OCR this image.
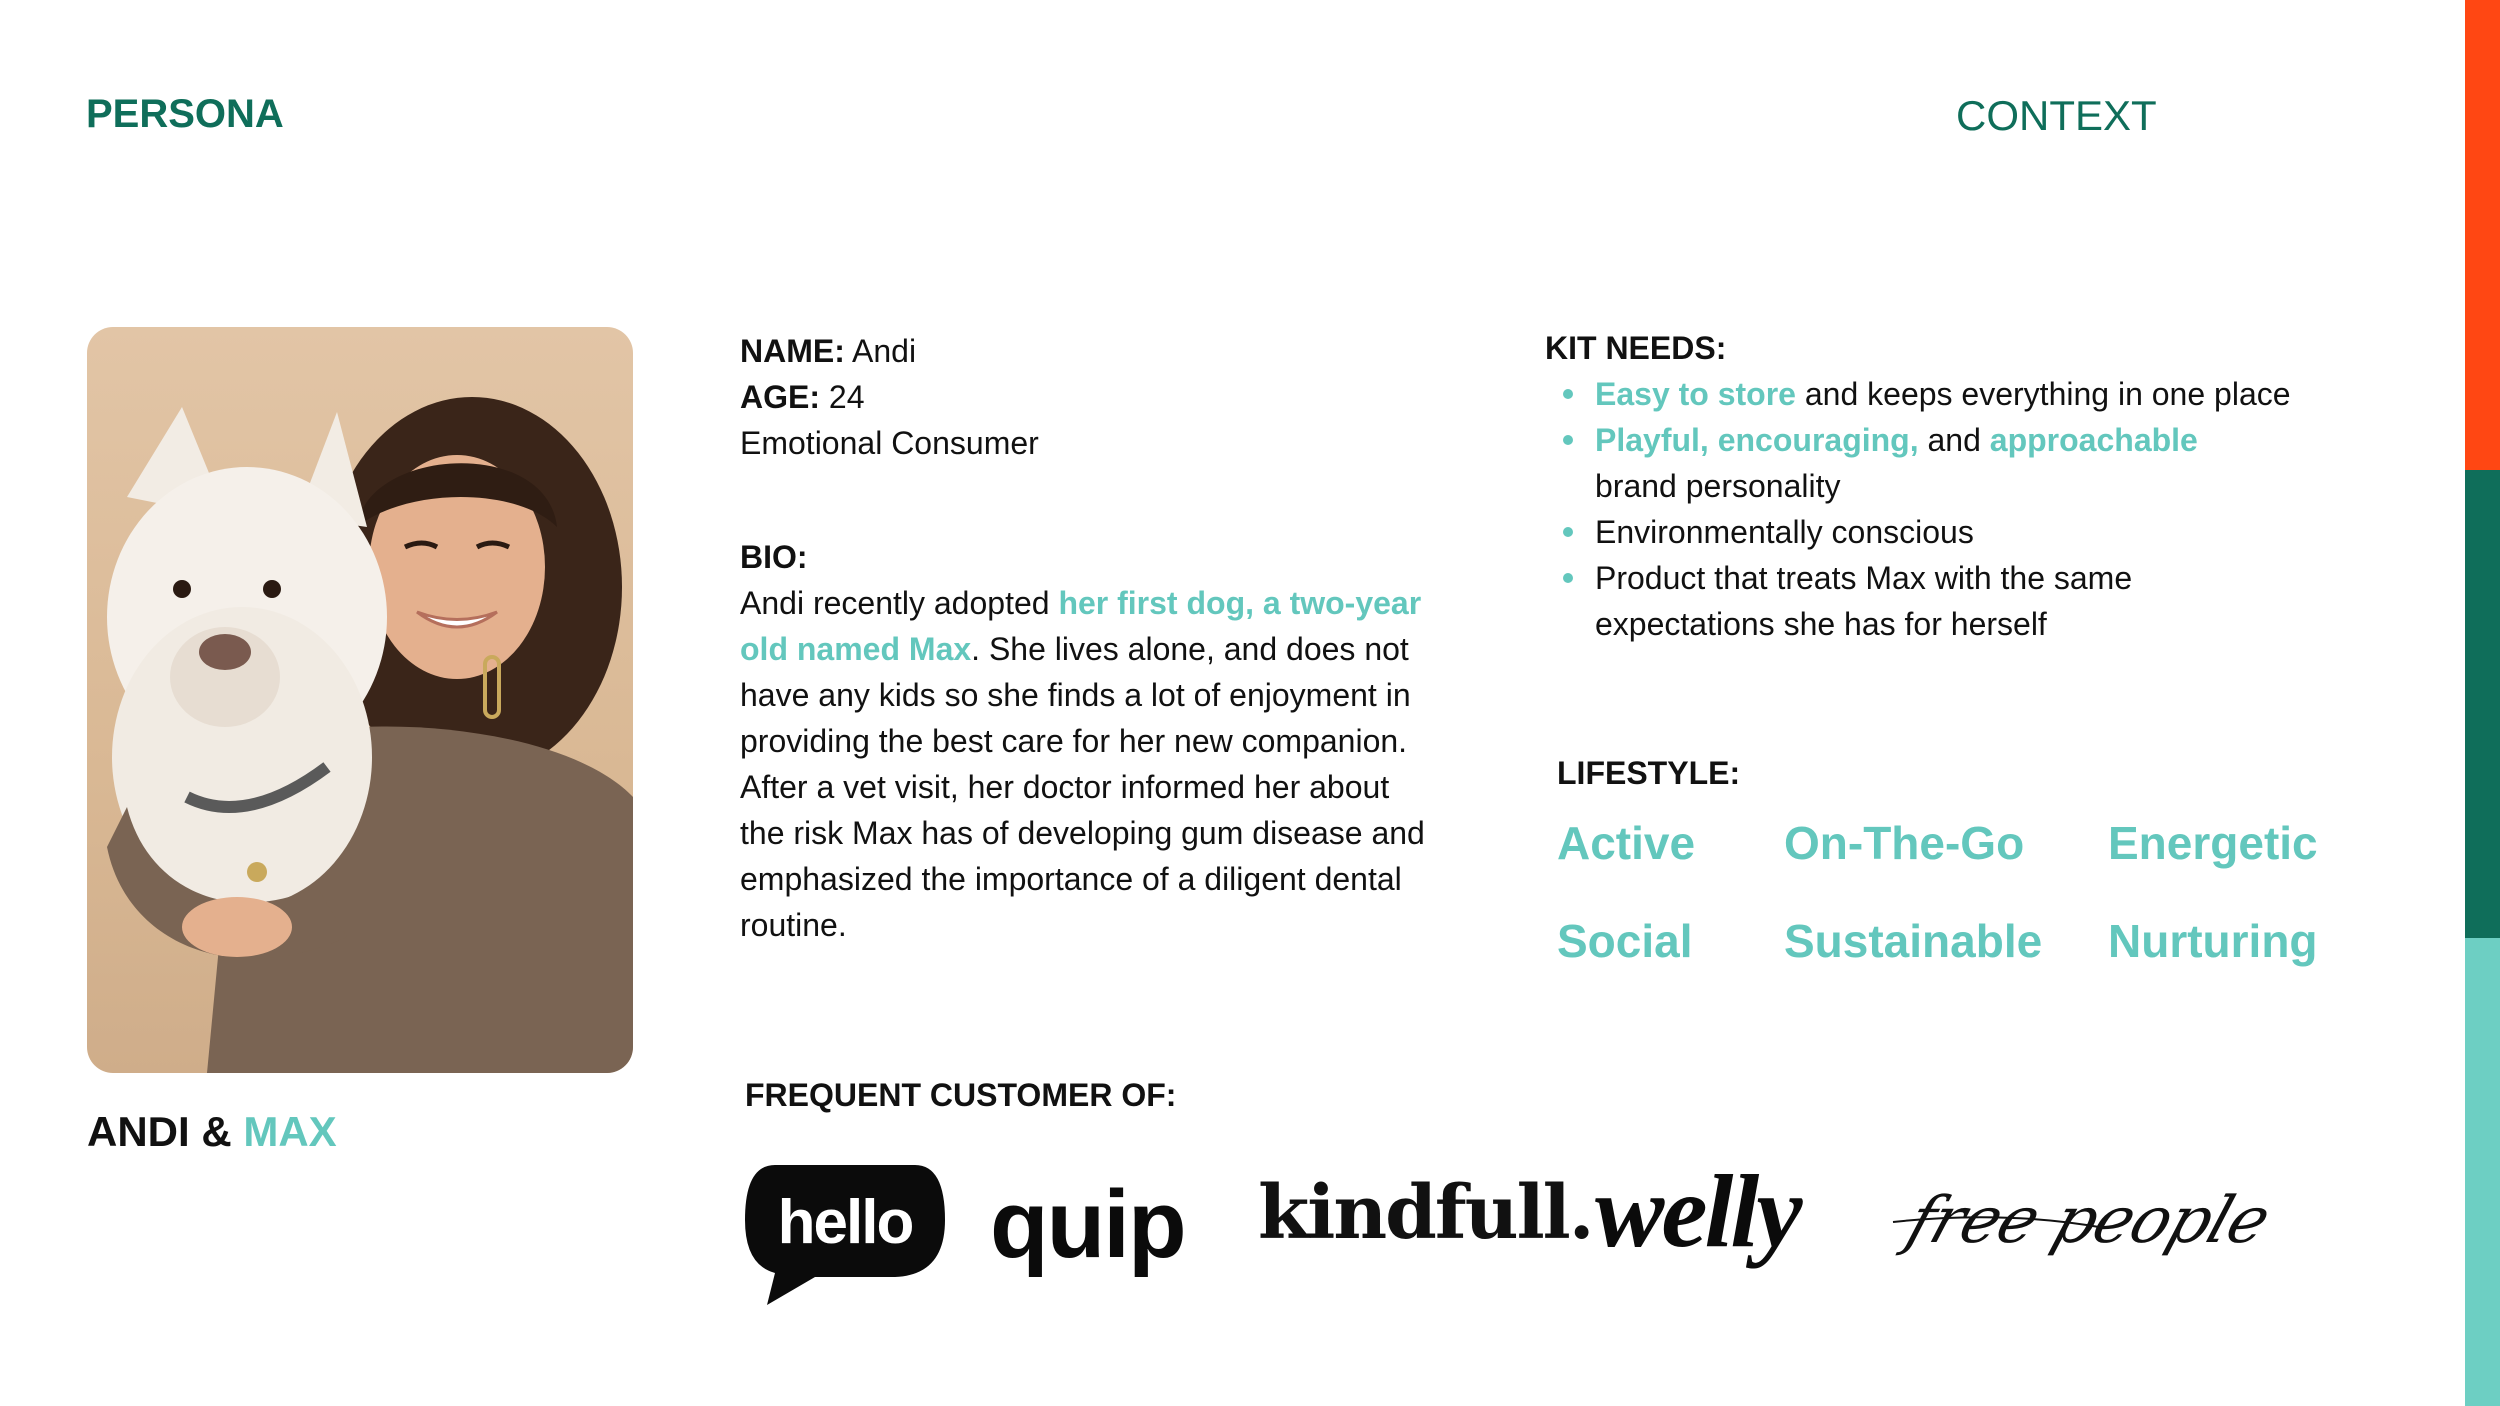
PERSONA	CONTEXT
ANDI & MAX
NAME: Andi
AGE: 24
Emotional Consumer
BIO:
Andi recently adopted her first dog, a two-year old named Max. She lives alone, and does not have any kids so she finds a lot of enjoyment in providing the best care for her new companion. After a vet visit, her doctor informed her about the risk Max has of developing gum disease and emphasized the importance of a diligent dental routine.
KIT NEEDS:
Easy to store and keeps everything in one place
Playful, encouraging, and approachable
brand personality
Environmentally conscious
Product that treats Max with the same expectations she has for herself
LIFESTYLE:
Active On-The-Go Energetic
Social Sustainable Nurturing
FREQUENT CUSTOMER OF:
hello quip kindfull. welly free people
